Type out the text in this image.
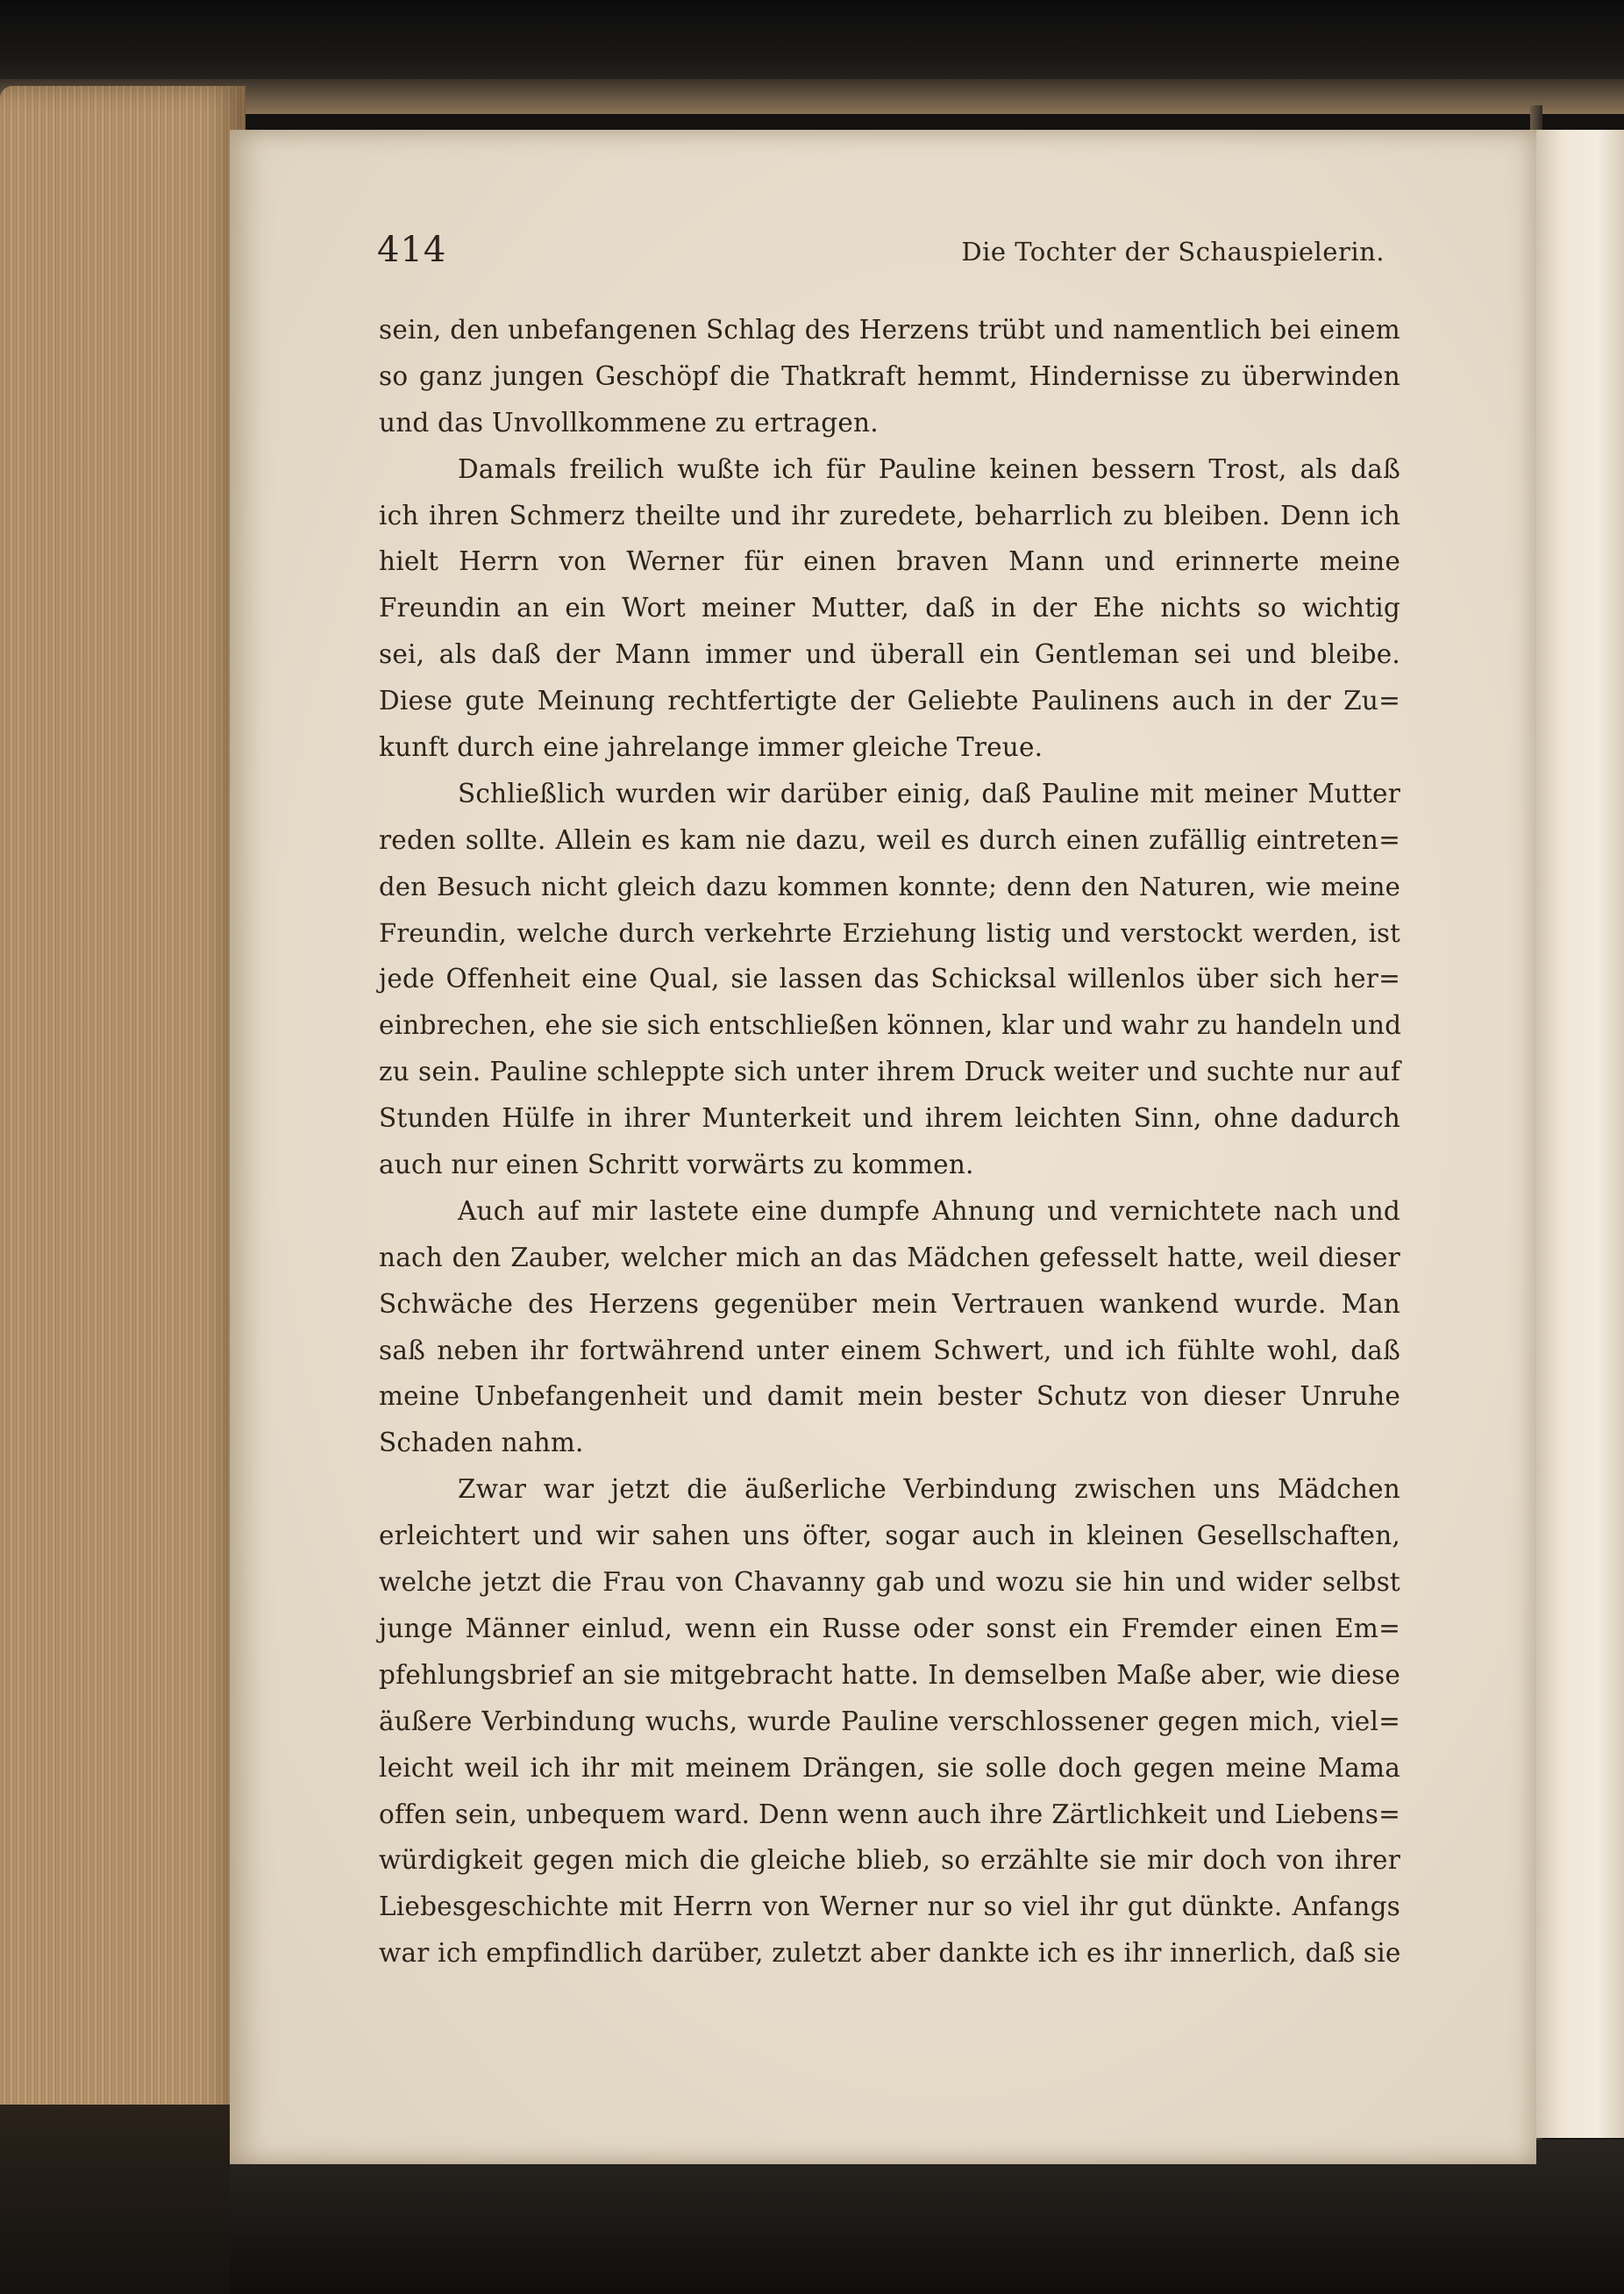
414	Die Tochter der Schauspielerin.
sein, den unbefangenen Schlag des Herzens trübt und namentlich bei einem
so ganz jungen Geschöpf die Thatkraft hemmt, Hindernisse zu überwinden
und das Unvollkommene zu ertragen.
Damals freilich wußte ich für Pauline keinen bessern Trost, als daß
ich ihren Schmerz theilte und ihr zuredete, beharrlich zu bleiben. Denn ich
hielt Herrn von Werner für einen braven Mann und erinnerte meine
Freundin an ein Wort meiner Mutter, daß in der Ehe nichts so wichtig
sei, als daß der Mann immer und überall ein Gentleman sei und bleibe.
Diese gute Meinung rechtfertigte der Geliebte Paulinens auch in der Zu=
kunft durch eine jahrelange immer gleiche Treue.
Schließlich wurden wir darüber einig, daß Pauline mit meiner Mutter
reden sollte. Allein es kam nie dazu, weil es durch einen zufällig eintreten=
den Besuch nicht gleich dazu kommen konnte; denn den Naturen, wie meine
Freundin, welche durch verkehrte Erziehung listig und verstockt werden, ist
jede Offenheit eine Qual, sie lassen das Schicksal willenlos über sich her=
einbrechen, ehe sie sich entschließen können, klar und wahr zu handeln und
zu sein. Pauline schleppte sich unter ihrem Druck weiter und suchte nur auf
Stunden Hülfe in ihrer Munterkeit und ihrem leichten Sinn, ohne dadurch
auch nur einen Schritt vorwärts zu kommen.
Auch auf mir lastete eine dumpfe Ahnung und vernichtete nach und
nach den Zauber, welcher mich an das Mädchen gefesselt hatte, weil dieser
Schwäche des Herzens gegenüber mein Vertrauen wankend wurde. Man
saß neben ihr fortwährend unter einem Schwert, und ich fühlte wohl, daß
meine Unbefangenheit und damit mein bester Schutz von dieser Unruhe
Schaden nahm.
Zwar war jetzt die äußerliche Verbindung zwischen uns Mädchen
erleichtert und wir sahen uns öfter, sogar auch in kleinen Gesellschaften,
welche jetzt die Frau von Chavanny gab und wozu sie hin und wider selbst
junge Männer einlud, wenn ein Russe oder sonst ein Fremder einen Em=
pfehlungsbrief an sie mitgebracht hatte. In demselben Maße aber, wie diese
äußere Verbindung wuchs, wurde Pauline verschlossener gegen mich, viel=
leicht weil ich ihr mit meinem Drängen, sie solle doch gegen meine Mama
offen sein, unbequem ward. Denn wenn auch ihre Zärtlichkeit und Liebens=
würdigkeit gegen mich die gleiche blieb, so erzählte sie mir doch von ihrer
Liebesgeschichte mit Herrn von Werner nur so viel ihr gut dünkte. Anfangs
war ich empfindlich darüber, zuletzt aber dankte ich es ihr innerlich, daß sie
